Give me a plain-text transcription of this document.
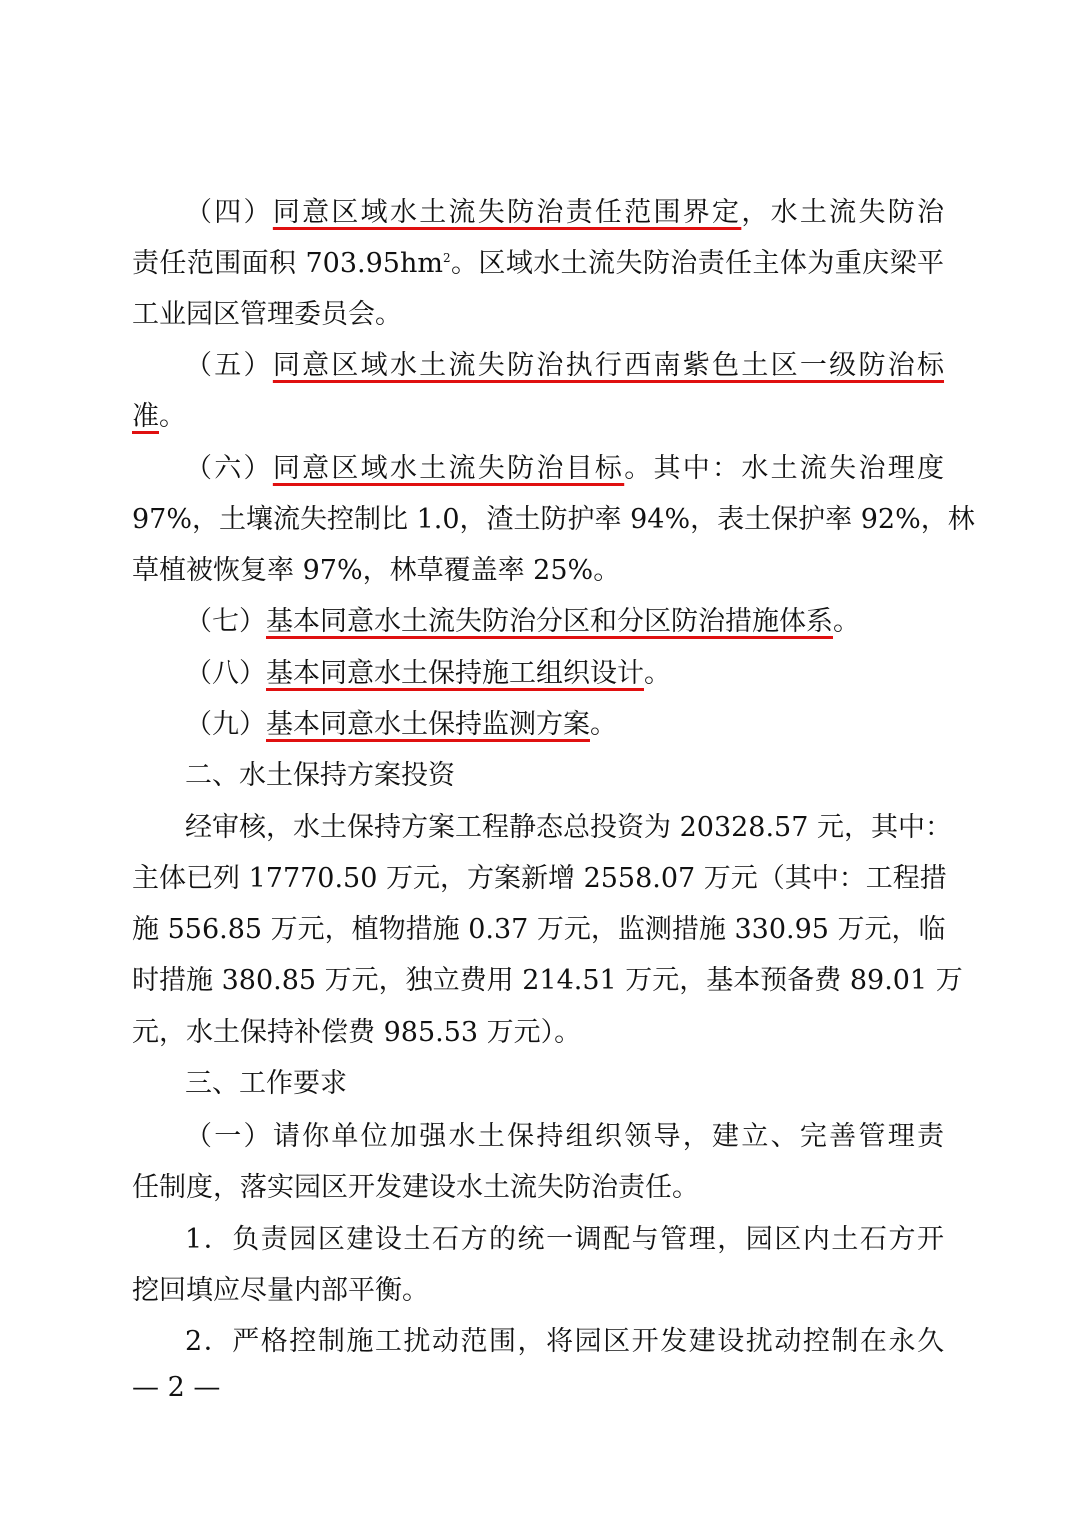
（四）同意区域水土流失防治责任范围界定，水土流失防治
责任范围面积 $703.95hm^2$。区域水土流失防治责任主体为重庆梁平
工业园区管理委员会。
（五）同意区域水土流失防治执行西南紫色土区一级防治标
准。
（六）同意区域水土流失防治目标。其中：水土流失治理度
97%，土壤流失控制比 1.0，渣土防护率 94%，表土保护率 92%，林
草植被恢复率 97%，林草覆盖率 25%。
（七）基本同意水土流失防治分区和分区防治措施体系。
（八）基本同意水土保持施工组织设计。
（九）基本同意水土保持监测方案。
二、水土保持方案投资
经审核，水土保持方案工程静态总投资为 20328.57 元，其中：
主体已列 17770.50 万元，方案新增 2558.07 万元（其中：工程措
施 556.85 万元，植物措施 0.37 万元，监测措施 330.95 万元，临
时措施 380.85 万元，独立费用 214.51 万元，基本预备费 89.01 万
元，水土保持补偿费 985.53 万元）。
三、工作要求
（一）请你单位加强水土保持组织领导，建立、完善管理责
任制度，落实园区开发建设水土流失防治责任。
1．负责园区建设土石方的统一调配与管理，园区内土石方开
挖回填应尽量内部平衡。
2．严格控制施工扰动范围，将园区开发建设扰动控制在永久
— 2 —
